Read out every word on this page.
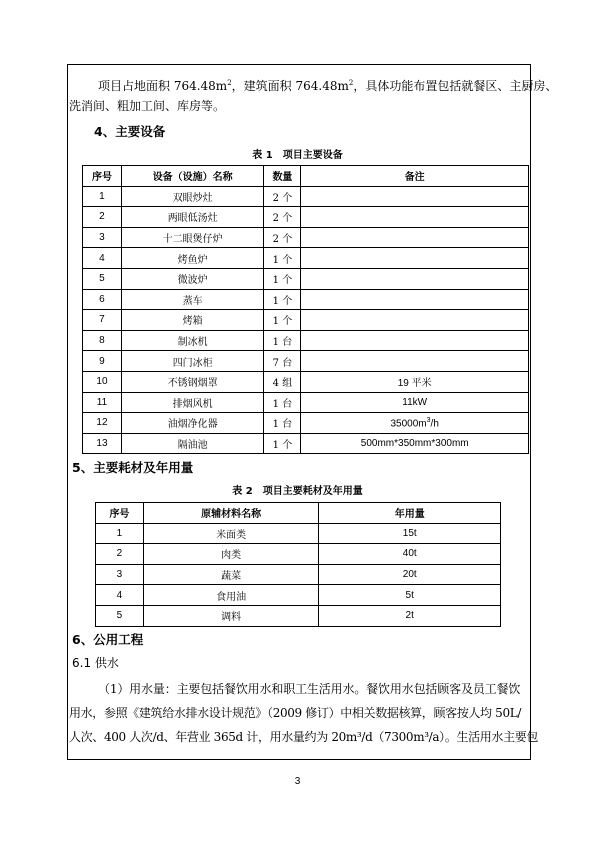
项目占地面积 $764.48m^2$，建筑面积 $764.48m^2$，具体功能布置包括就餐区、主厨房、
洗消间、粗加工间、库房等。
4、主要设备
表 1　项目主要设备
序号	设备（设施）名称	数量	备注
1	双眼炒灶	2 个	
2	两眼低汤灶	2 个	
3	十二眼煲仔炉	2 个	
4	烤鱼炉	1 个	
5	微波炉	1 个	
6	蒸车	1 个	
7	烤箱	1 个	
8	制冰机	1 台	
9	四门冰柜	7 台	
10	不锈钢烟罩	4 组	19 平米
11	排烟风机	1 台	11kW
12	油烟净化器	1 台	$35000m^3/h$
13	隔油池	1 个	500mm*350mm*300mm
5、主要耗材及年用量
表 2　项目主要耗材及年用量
序号	原辅材料名称	年用量
1	米面类	15t
2	肉类	40t
3	蔬菜	20t
4	食用油	5t
5	调料	2t
6、公用工程
6.1 供水
（1）用水量：主要包括餐饮用水和职工生活用水。餐饮用水包括顾客及员工餐饮
用水，参照《建筑给水排水设计规范》（2009 修订）中相关数据核算，顾客按人均 50L/
人次、400 人次/d、年营业 365d 计，用水量约为 20m³/d（7300m³/a）。生活用水主要包
3
